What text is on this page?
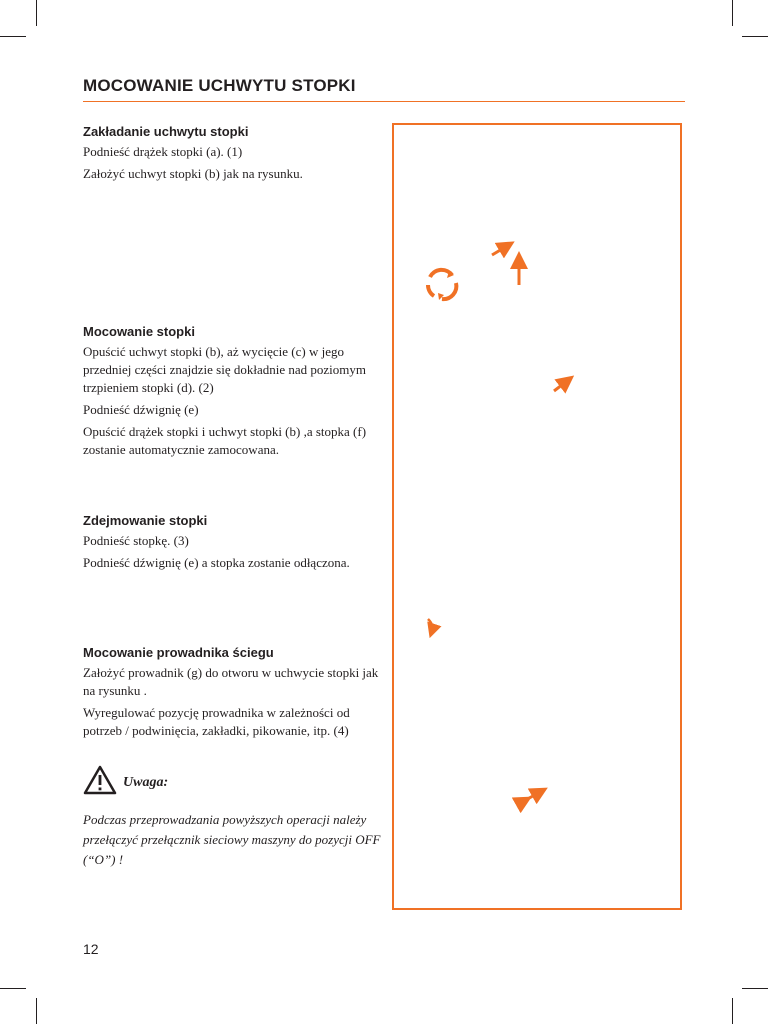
MOCOWANIE UCHWYTU STOPKI
Zakładanie uchwytu stopki

Podnieść drążek stopki (a). (1)

Założyć uchwyt stopki (b) jak na rysunku.

Mocowanie stopki

Opuścić uchwyt stopki (b), aż wycięcie (c) w jego przedniej części znajdzie się dokładnie nad poziomym trzpieniem stopki (d). (2)

Podnieść dźwignię (e)

Opuścić drążek stopki i uchwyt stopki (b) ,a stopka (f) zostanie automatycznie zamocowana.

Zdejmowanie stopki

Podnieść stopkę. (3)

Podnieść dźwignię (e) a stopka zostanie odłączona.

Mocowanie prowadnika ściegu

Założyć prowadnik (g) do otworu w uchwycie stopki jak na rysunku .

Wyregulować pozycję prowadnika w zależności od potrzeb / podwinięcia, zakładki, pikowanie, itp. (4)

Uwaga:
Podczas przeprowadzania powyższych operacji należy przełączyć przełącznik sieciowy maszyny do pozycji OFF (“O”) !
12
